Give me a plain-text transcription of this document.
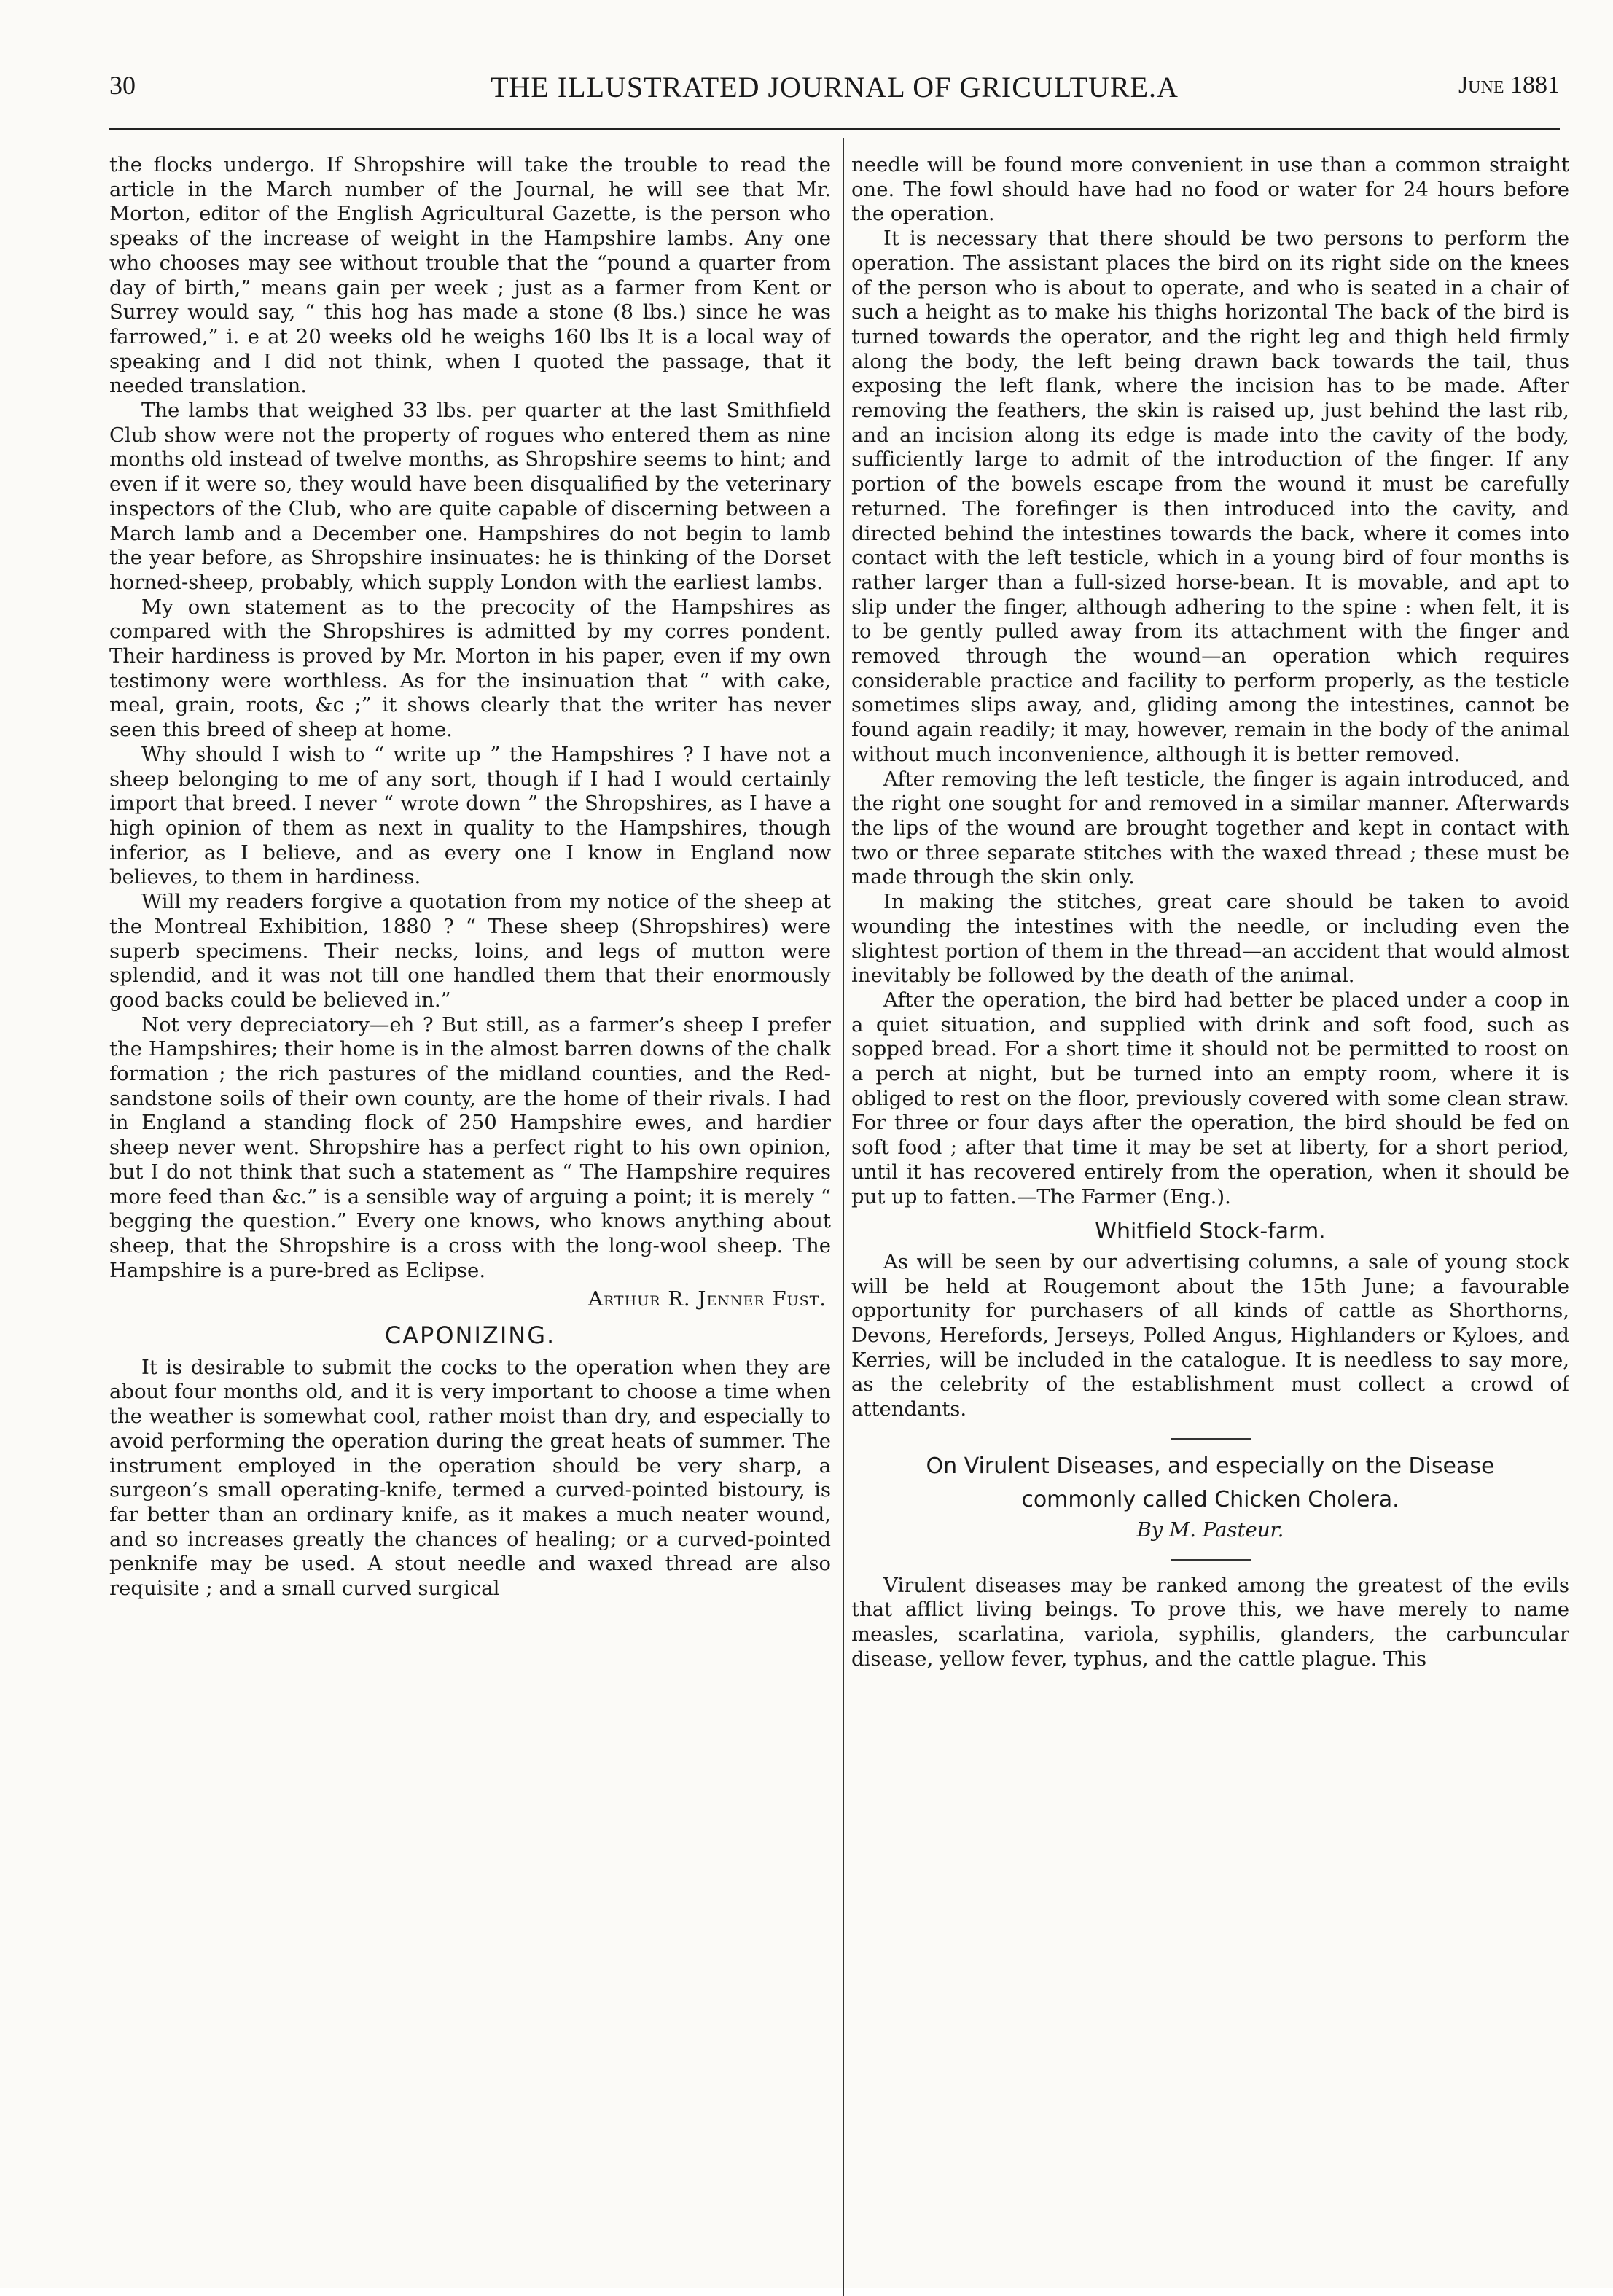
30	THE ILLUSTRATED JOURNAL OF GRICULTURE.A	June 1881

the flocks undergo. If Shropshire will take the trouble to read the article in the March number of the Journal, he will see that Mr. Morton, editor of the English Agricultural Gazette, is the person who speaks of the increase of weight in the Hampshire lambs. Any one who chooses may see without trouble that the “pound a quarter from day of birth,” means gain per week ; just as a farmer from Kent or Surrey would say, “ this hog has made a stone (8 lbs.) since he was farrowed,” i. e at 20 weeks old he weighs 160 lbs It is a local way of speaking and I did not think, when I quoted the passage, that it needed translation.

The lambs that weighed 33 lbs. per quarter at the last Smithfield Club show were not the property of rogues who entered them as nine months old instead of twelve months, as Shropshire seems to hint; and even if it were so, they would have been disqualified by the veterinary inspectors of the Club, who are quite capable of discerning between a March lamb and a December one. Hampshires do not begin to lamb the year before, as Shropshire insinuates: he is thinking of the Dorset horned-sheep, probably, which supply London with the earliest lambs.

My own statement as to the precocity of the Hampshires as compared with the Shropshires is admitted by my corres pondent. Their hardiness is proved by Mr. Morton in his paper, even if my own testimony were worthless. As for the insinuation that “ with cake, meal, grain, roots, &c ;” it shows clearly that the writer has never seen this breed of sheep at home.

Why should I wish to “ write up ” the Hampshires ? I have not a sheep belonging to me of any sort, though if I had I would certainly import that breed. I never “ wrote down ” the Shropshires, as I have a high opinion of them as next in quality to the Hampshires, though inferior, as I believe, and as every one I know in England now believes, to them in hardiness.

Will my readers forgive a quotation from my notice of the sheep at the Montreal Exhibition, 1880 ? “ These sheep (Shropshires) were superb specimens. Their necks, loins, and legs of mutton were splendid, and it was not till one handled them that their enormously good backs could be believed in.”

Not very depreciatory—eh ? But still, as a farmer’s sheep I prefer the Hampshires; their home is in the almost barren downs of the chalk formation ; the rich pastures of the midland counties, and the Red-sandstone soils of their own county, are the home of their rivals. I had in England a standing flock of 250 Hampshire ewes, and hardier sheep never went. Shropshire has a perfect right to his own opinion, but I do not think that such a statement as “ The Hampshire requires more feed than &c.” is a sensible way of arguing a point; it is merely “ begging the question.” Every one knows, who knows anything about sheep, that the Shropshire is a cross with the long-wool sheep. The Hampshire is a pure-bred as Eclipse.

Arthur R. Jenner Fust.
CAPONIZING.

It is desirable to submit the cocks to the operation when they are about four months old, and it is very important to choose a time when the weather is somewhat cool, rather moist than dry, and especially to avoid performing the operation during the great heats of summer. The instrument employed in the operation should be very sharp, a surgeon’s small operating-knife, termed a curved-pointed bistoury, is far better than an ordinary knife, as it makes a much neater wound, and so increases greatly the chances of healing; or a curved-pointed penknife may be used. A stout needle and waxed thread are also requisite ; and a small curved surgical

needle will be found more convenient in use than a common straight one. The fowl should have had no food or water for 24 hours before the operation.

It is necessary that there should be two persons to perform the operation. The assistant places the bird on its right side on the knees of the person who is about to operate, and who is seated in a chair of such a height as to make his thighs horizontal The back of the bird is turned towards the operator, and the right leg and thigh held firmly along the body, the left being drawn back towards the tail, thus exposing the left flank, where the incision has to be made. After removing the feathers, the skin is raised up, just behind the last rib, and an incision along its edge is made into the cavity of the body, sufficiently large to admit of the introduction of the finger. If any portion of the bowels escape from the wound it must be carefully returned. The forefinger is then introduced into the cavity, and directed behind the intestines towards the back, where it comes into contact with the left testicle, which in a young bird of four months is rather larger than a full-sized horse-bean. It is movable, and apt to slip under the finger, although adhering to the spine : when felt, it is to be gently pulled away from its attachment with the finger and removed through the wound—an operation which requires considerable practice and facility to perform properly, as the testicle sometimes slips away, and, gliding among the intestines, cannot be found again readily; it may, however, remain in the body of the animal without much inconvenience, although it is better removed.

After removing the left testicle, the finger is again introduced, and the right one sought for and removed in a similar manner. Afterwards the lips of the wound are brought together and kept in contact with two or three separate stitches with the waxed thread ; these must be made through the skin only.

In making the stitches, great care should be taken to avoid wounding the intestines with the needle, or including even the slightest portion of them in the thread—an accident that would almost inevitably be followed by the death of the animal.

After the operation, the bird had better be placed under a coop in a quiet situation, and supplied with drink and soft food, such as sopped bread. For a short time it should not be permitted to roost on a perch at night, but be turned into an empty room, where it is obliged to rest on the floor, previously covered with some clean straw. For three or four days after the operation, the bird should be fed on soft food ; after that time it may be set at liberty, for a short period, until it has recovered entirely from the operation, when it should be put up to fatten.—The Farmer (Eng.).

Whitfield Stock-farm.

As will be seen by our advertising columns, a sale of young stock will be held at Rougemont about the 15th June; a favourable opportunity for purchasers of all kinds of cattle as Shorthorns, Devons, Herefords, Jerseys, Polled Angus, Highlanders or Kyloes, and Kerries, will be included in the catalogue. It is needless to say more, as the celebrity of the establishment must collect a crowd of attendants.

On Virulent Diseases, and especially on the Disease
commonly called Chicken Cholera.
By M. Pasteur.

Virulent diseases may be ranked among the greatest of the evils that afflict living beings. To prove this, we have merely to name measles, scarlatina, variola, syphilis, glanders, the carbuncular disease, yellow fever, typhus, and the cattle plague. This
